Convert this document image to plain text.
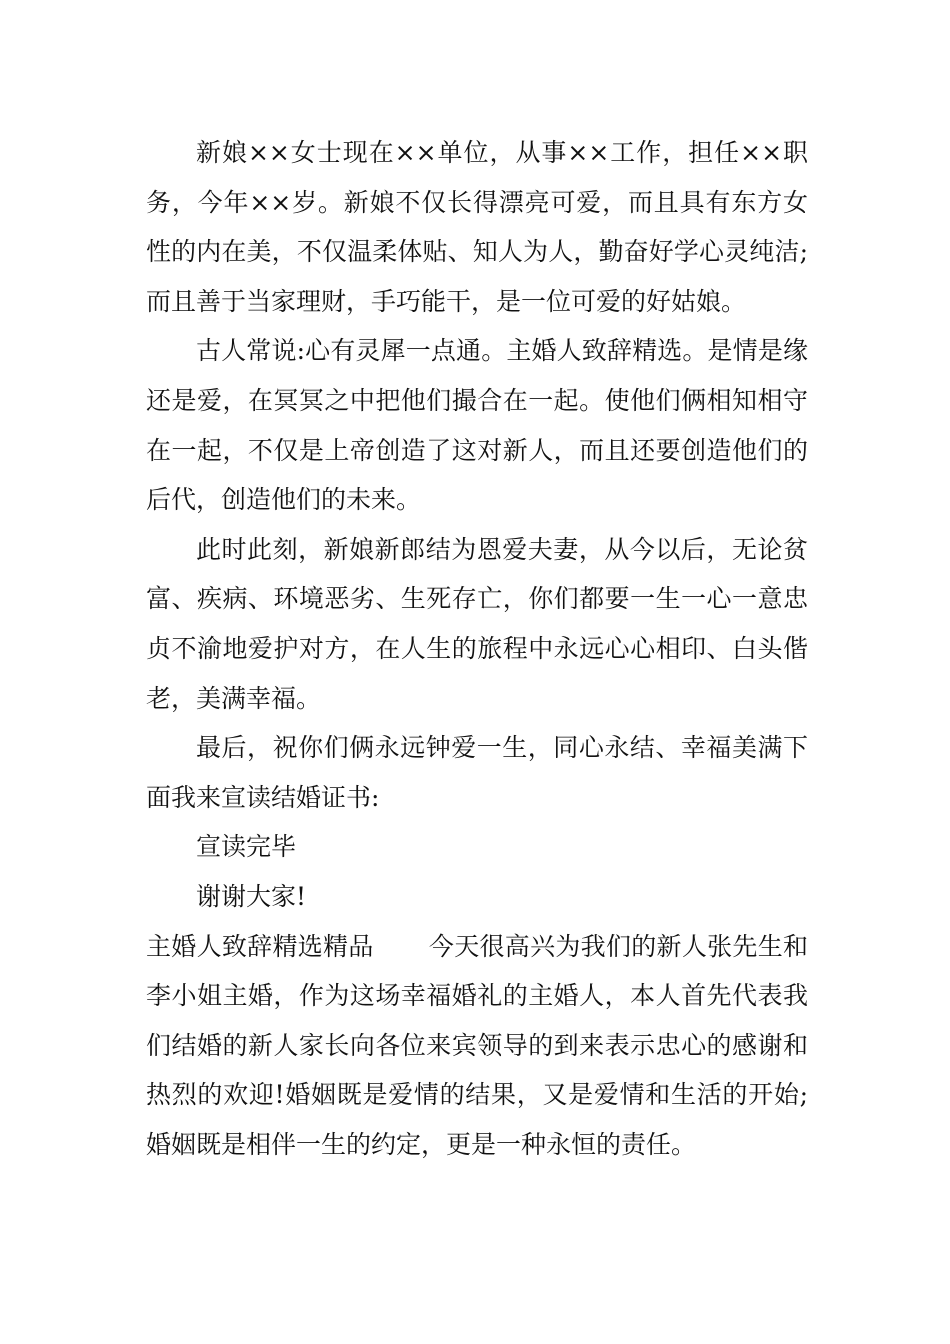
新娘××女士现在××单位，从事××工作，担任××职务，今年××岁。新娘不仅长得漂亮可爱，而且具有东方女性的内在美，不仅温柔体贴、知人为人，勤奋好学心灵纯洁;而且善于当家理财，手巧能干，是一位可爱的好姑娘。

古人常说:心有灵犀一点通。主婚人致辞精选。是情是缘还是爱，在冥冥之中把他们撮合在一起。使他们俩相知相守在一起，不仅是上帝创造了这对新人，而且还要创造他们的后代，创造他们的未来。

此时此刻，新娘新郎结为恩爱夫妻，从今以后，无论贫富、疾病、环境恶劣、生死存亡，你们都要一生一心一意忠贞不渝地爱护对方，在人生的旅程中永远心心相印、白头偕老，美满幸福。

最后，祝你们俩永远钟爱一生，同心永结、幸福美满下面我来宣读结婚证书:

宣读完毕

谢谢大家!

主婚人致辞精选精品 今天很高兴为我们的新人张先生和李小姐主婚，作为这场幸福婚礼的主婚人，本人首先代表我们结婚的新人家长向各位来宾领导的到来表示忠心的感谢和热烈的欢迎!婚姻既是爱情的结果，又是爱情和生活的开始;婚姻既是相伴一生的约定，更是一种永恒的责任。
